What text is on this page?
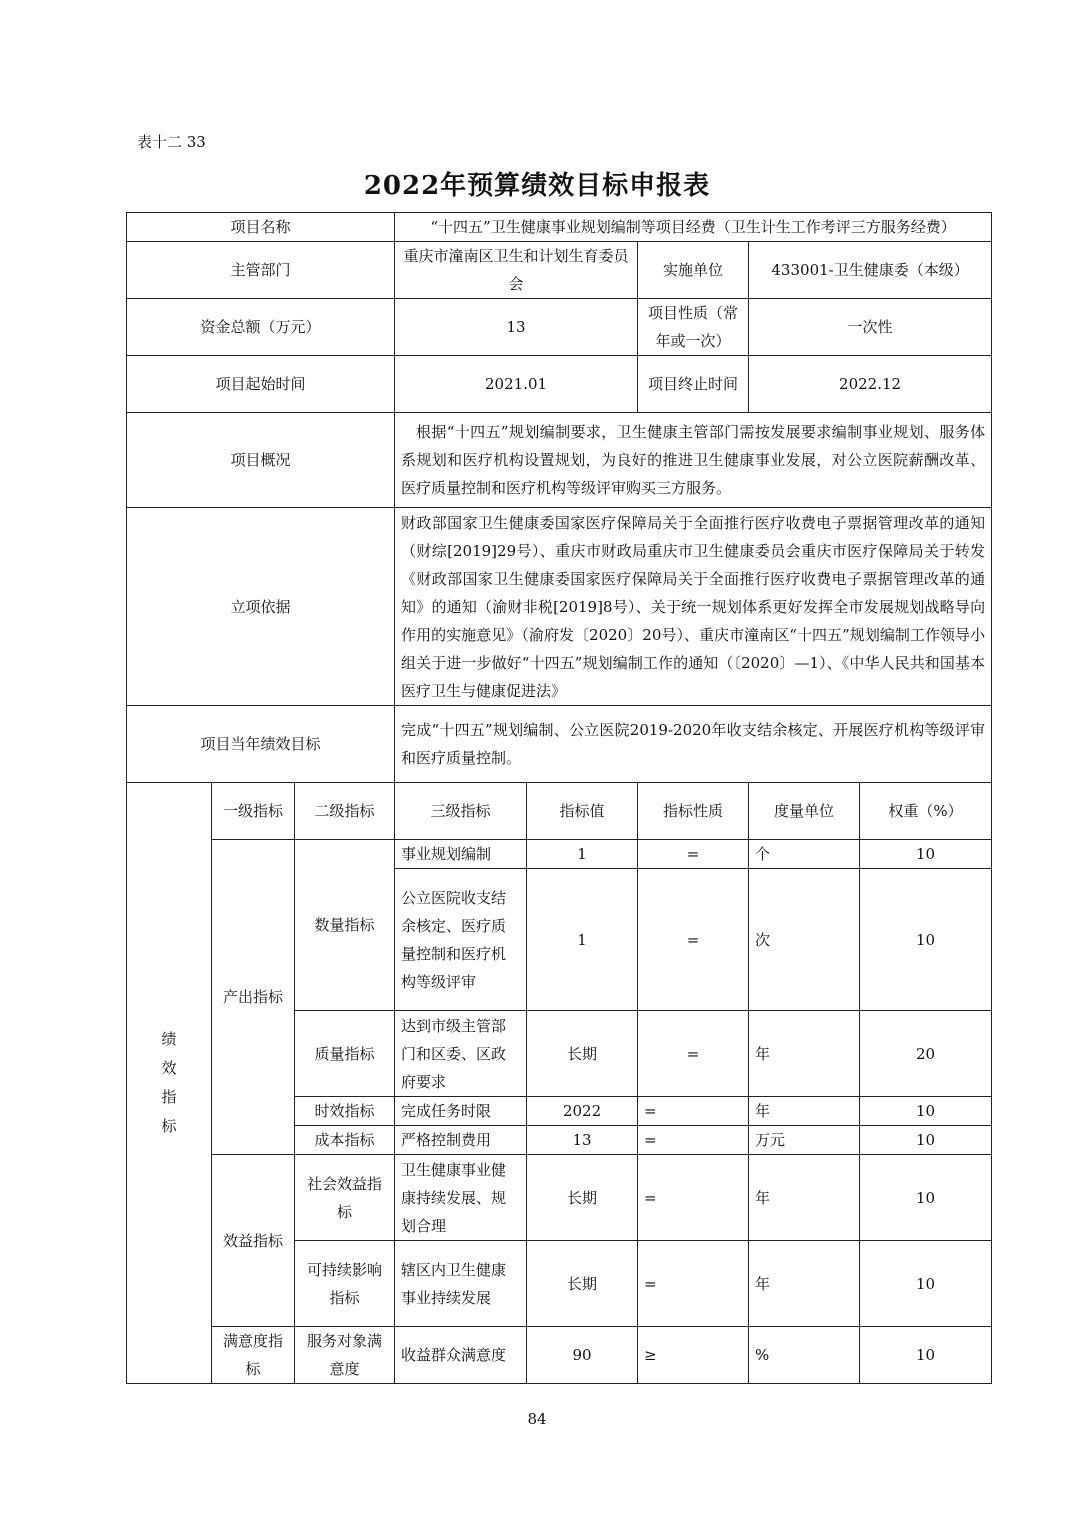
表十二 33
2022年预算绩效目标申报表
项目名称			“十四五”卫生健康事业规划编制等项目经费（卫生计生工作考评三方服务经费）				
主管部门			重庆市潼南区卫生和计划生育委员会		实施单位	433001-卫生健康委（本级）	
资金总额（万元）			13		项目性质（常年或一次）	一次性	
项目起始时间			2021.01		项目终止时间	2022.12	
项目概况			根据“十四五”规划编制要求，卫生健康主管部门需按发展要求编制事业规划、服务体系规划和医疗机构设置规划，为良好的推进卫生健康事业发展，对公立医院薪酬改革、医疗质量控制和医疗机构等级评审购买三方服务。				
立项依据			财政部国家卫生健康委国家医疗保障局关于全面推行医疗收费电子票据管理改革的通知（财综[2019]29号）、重庆市财政局重庆市卫生健康委员会重庆市医疗保障局关于转发《财政部国家卫生健康委国家医疗保障局关于全面推行医疗收费电子票据管理改革的通知》的通知（渝财非税[2019]8号）、关于统一规划体系更好发挥全市发展规划战略导向作用的实施意见》（渝府发〔2020〕20号）、重庆市潼南区“十四五”规划编制工作领导小组关于进一步做好“十四五”规划编制工作的通知（〔2020〕—1）、《中华人民共和国基本医疗卫生与健康促进法》				
项目当年绩效目标			完成“十四五”规划编制、公立医院2019-2020年收支结余核定、开展医疗机构等级评审和医疗质量控制。				

绩
效
指
标	一级指标	二级指标	三级指标	指标值	指标性质	度量单位	权重（%）
	产出指标	数量指标	事业规划编制	1	=	个	10
			公立医院收支结余核定、医疗质量控制和医疗机构等级评审	1	=	次	10
		质量指标	达到市级主管部门和区委、区政府要求	长期	=	年	20
		时效指标	完成任务时限	2022	=	年	10
		成本指标	严格控制费用	13	=	万元	10
	效益指标	社会效益指标	卫生健康事业健康持续发展、规划合理	长期	=	年	10
		可持续影响指标	辖区内卫生健康事业持续发展	长期	=	年	10
	满意度指标	服务对象满意度	收益群众满意度	90	≥	%	10
84
